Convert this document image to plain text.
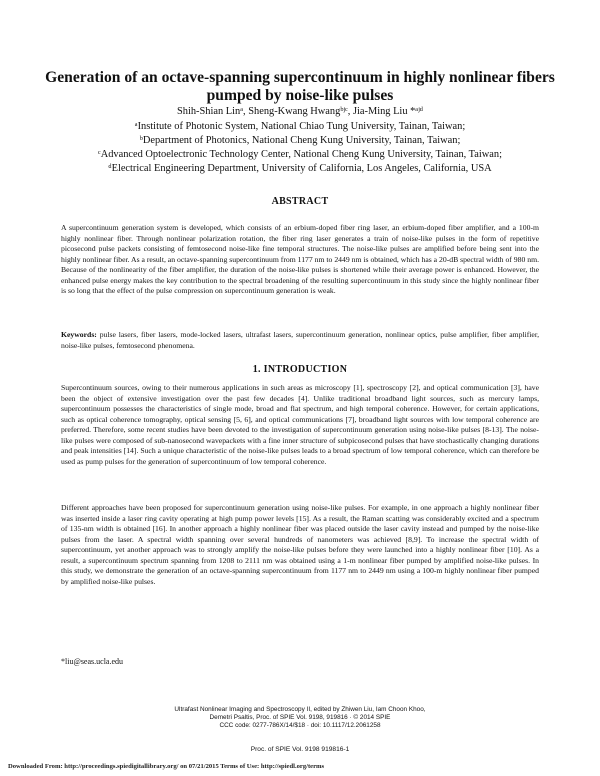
Generation of an octave-spanning supercontinuum in highly nonlinear fibers pumped by noise-like pulses
Shih-Shian Linᵃ, Sheng-Kwang Hwangᵇʲᶜ, Jia-Ming Liu *ᵃʲᵈ
ᵃInstitute of Photonic System, National Chiao Tung University, Tainan, Taiwan;
ᵇDepartment of Photonics, National Cheng Kung University, Tainan, Taiwan;
ᶜAdvanced Optoelectronic Technology Center, National Cheng Kung University, Tainan, Taiwan;
ᵈElectrical Engineering Department, University of California, Los Angeles, California, USA
ABSTRACT
A supercontinuum generation system is developed, which consists of an erbium-doped fiber ring laser, an erbium-doped fiber amplifier, and a 100-m highly nonlinear fiber. Through nonlinear polarization rotation, the fiber ring laser generates a train of noise-like pulses in the form of repetitive picosecond pulse packets consisting of femtosecond noise-like fine temporal structures. The noise-like pulses are amplified before being sent into the highly nonlinear fiber. As a result, an octave-spanning supercontinuum from 1177 nm to 2449 nm is obtained, which has a 20-dB spectral width of 980 nm. Because of the nonlinearity of the fiber amplifier, the duration of the noise-like pulses is shortened while their average power is enhanced. However, the enhanced pulse energy makes the key contribution to the spectral broadening of the resulting supercontinuum in this study since the highly nonlinear fiber is so long that the effect of the pulse compression on supercontinuum generation is weak.
Keywords: pulse lasers, fiber lasers, mode-locked lasers, ultrafast lasers, supercontinuum generation, nonlinear optics, pulse amplifier, fiber amplifier, noise-like pulses, femtosecond phenomena.
1. INTRODUCTION
Supercontinuum sources, owing to their numerous applications in such areas as microscopy [1], spectroscopy [2], and optical communication [3], have been the object of extensive investigation over the past few decades [4]. Unlike traditional broadband light sources, such as mercury lamps, supercontinuum possesses the characteristics of single mode, broad and flat spectrum, and high temporal coherence. However, for certain applications, such as optical coherence tomography, optical sensing [5, 6], and optical communications [7], broadband light sources with low temporal coherence are preferred. Therefore, some recent studies have been devoted to the investigation of supercontinuum generation using noise-like pulses [8-13]. The noise-like pulses were composed of sub-nanosecond wavepackets with a fine inner structure of subpicosecond pulses that have stochastically changing durations and peak intensities [14]. Such a unique characteristic of the noise-like pulses leads to a broad spectrum of low temporal coherence, which can therefore be used as pump pulses for the generation of supercontinuum of low temporal coherence.
Different approaches have been proposed for supercontinuum generation using noise-like pulses. For example, in one approach a highly nonlinear fiber was inserted inside a laser ring cavity operating at high pump power levels [15]. As a result, the Raman scatting was considerably excited and a spectrum of 135-nm width is obtained [16]. In another approach a highly nonlinear fiber was placed outside the laser cavity instead and pumped by the noise-like pulses from the laser. A spectral width spanning over several hundreds of nanometers was achieved [8,9]. To increase the spectral width of supercontinuum, yet another approach was to strongly amplify the noise-like pulses before they were launched into a highly nonlinear fiber [10]. As a result, a supercontinuum spectrum spanning from 1208 to 2111 nm was obtained using a 1-m nonlinear fiber pumped by amplified noise-like pulses. In this study, we demonstrate the generation of an octave-spanning supercontinuum from 1177 nm to 2449 nm using a 100-m highly nonlinear fiber pumped by amplified noise-like pulses.
*liu@seas.ucla.edu
Ultrafast Nonlinear Imaging and Spectroscopy II, edited by Zhiwen Liu, Iam Choon Khoo,
Demetri Psaltis, Proc. of SPIE Vol. 9198, 919816 · © 2014 SPIE
CCC code: 0277-786X/14/$18 · doi: 10.1117/12.2061258
Proc. of SPIE Vol. 9198 919816-1
Downloaded From: http://proceedings.spiedigitallibrary.org/ on 07/21/2015 Terms of Use: http://spiedl.org/terms
